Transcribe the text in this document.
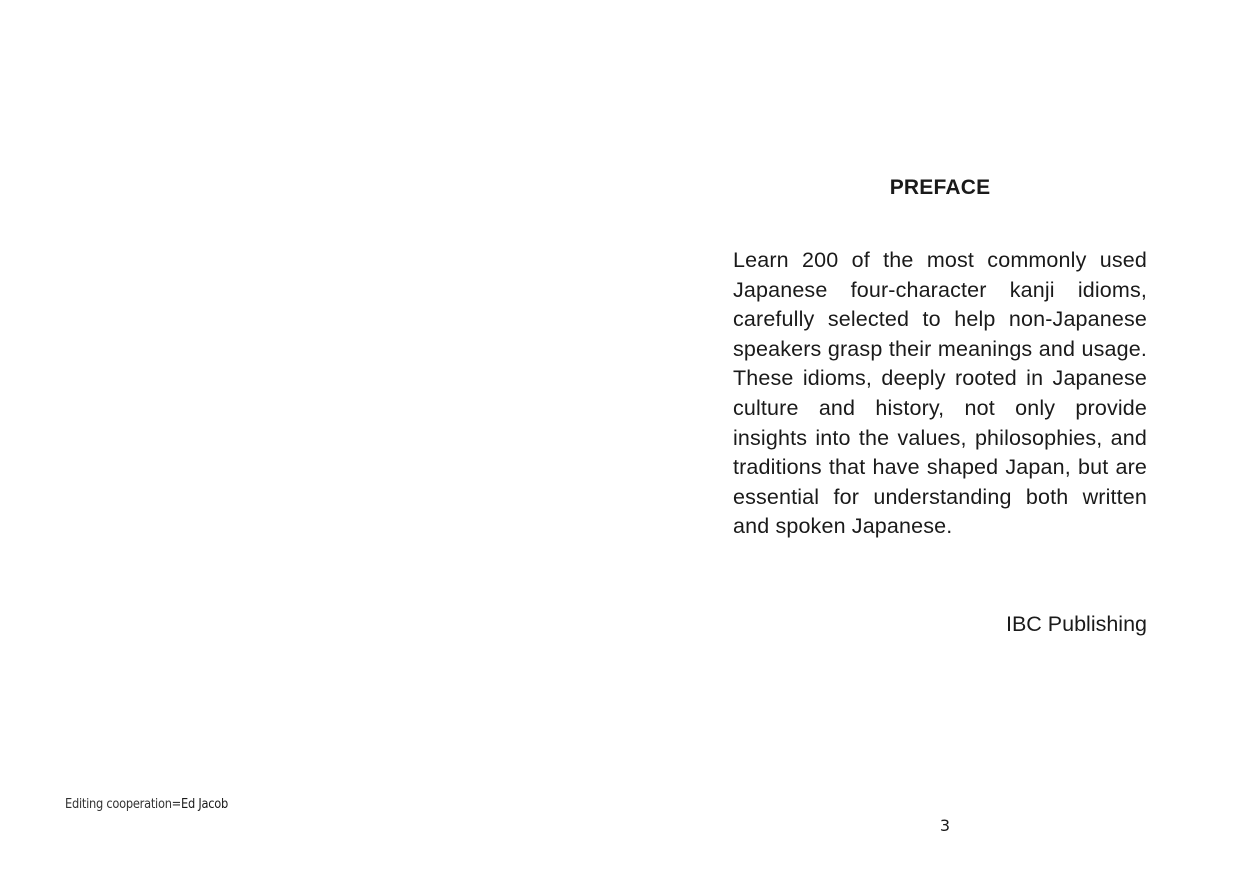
Editing cooperation=Ed Jacob
PREFACE

Learn 200 of the most commonly used Japanese four-character kanji idioms, carefully selected to help non-Japanese speakers grasp their meanings and usage. These idioms, deeply rooted in Japanese culture and history, not only provide insights into the values, philosophies, and traditions that have shaped Japan, but are essential for understanding both written and spoken Japanese.

IBC Publishing

3
